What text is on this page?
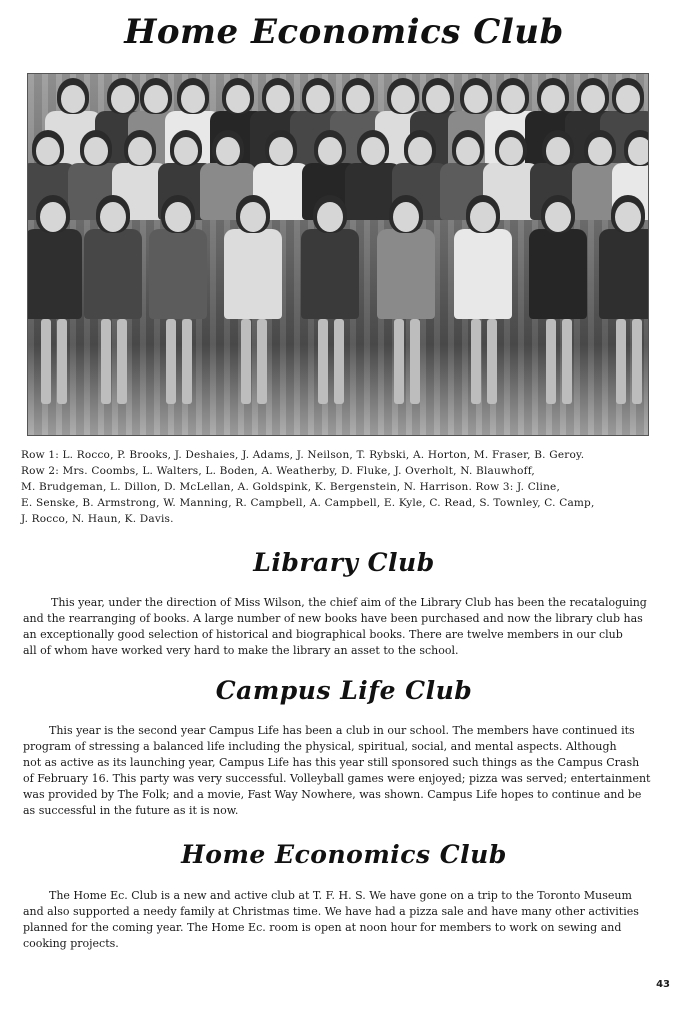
Home Economics Club
Row 1: L. Rocco, P. Brooks, J. Deshaies, J. Adams, J. Neilson, T. Rybski, A. Horton, M. Fraser, B. Geroy.
Row 2: Mrs. Coombs, L. Walters, L. Boden, A. Weatherby, D. Fluke, J. Overholt, N. Blauwhoff,
M. Brudgeman, L. Dillon, D. McLellan, A. Goldspink, K. Bergenstein, N. Harrison. Row 3: J. Cline,
E. Senske, B. Armstrong, W. Manning, R. Campbell, A. Campbell, E. Kyle, C. Read, S. Townley, C. Camp,
J. Rocco, N. Haun, K. Davis.
Library Club
This year, under the direction of Miss Wilson, the chief aim of the Library Club has been the recataloguing
and the rearranging of books. A large number of new books have been purchased and now the library club has
an exceptionally good selection of historical and biographical books. There are twelve members in our club
all of whom have worked very hard to make the library an asset to the school.
Campus Life Club
This year is the second year Campus Life has been a club in our school. The members have continued its
program of stressing a balanced life including the physical, spiritual, social, and mental aspects. Although
not as active as its launching year, Campus Life has this year still sponsored such things as the Campus Crash
of February 16. This party was very successful. Volleyball games were enjoyed; pizza was served; entertainment
was provided by The Folk; and a movie, Fast Way Nowhere, was shown. Campus Life hopes to continue and be
as successful in the future as it is now.
Home Economics Club
The Home Ec. Club is a new and active club at T. F. H. S. We have gone on a trip to the Toronto Museum
and also supported a needy family at Christmas time. We have had a pizza sale and have many other activities
planned for the coming year. The Home Ec. room is open at noon hour for members to work on sewing and
cooking projects.
43
